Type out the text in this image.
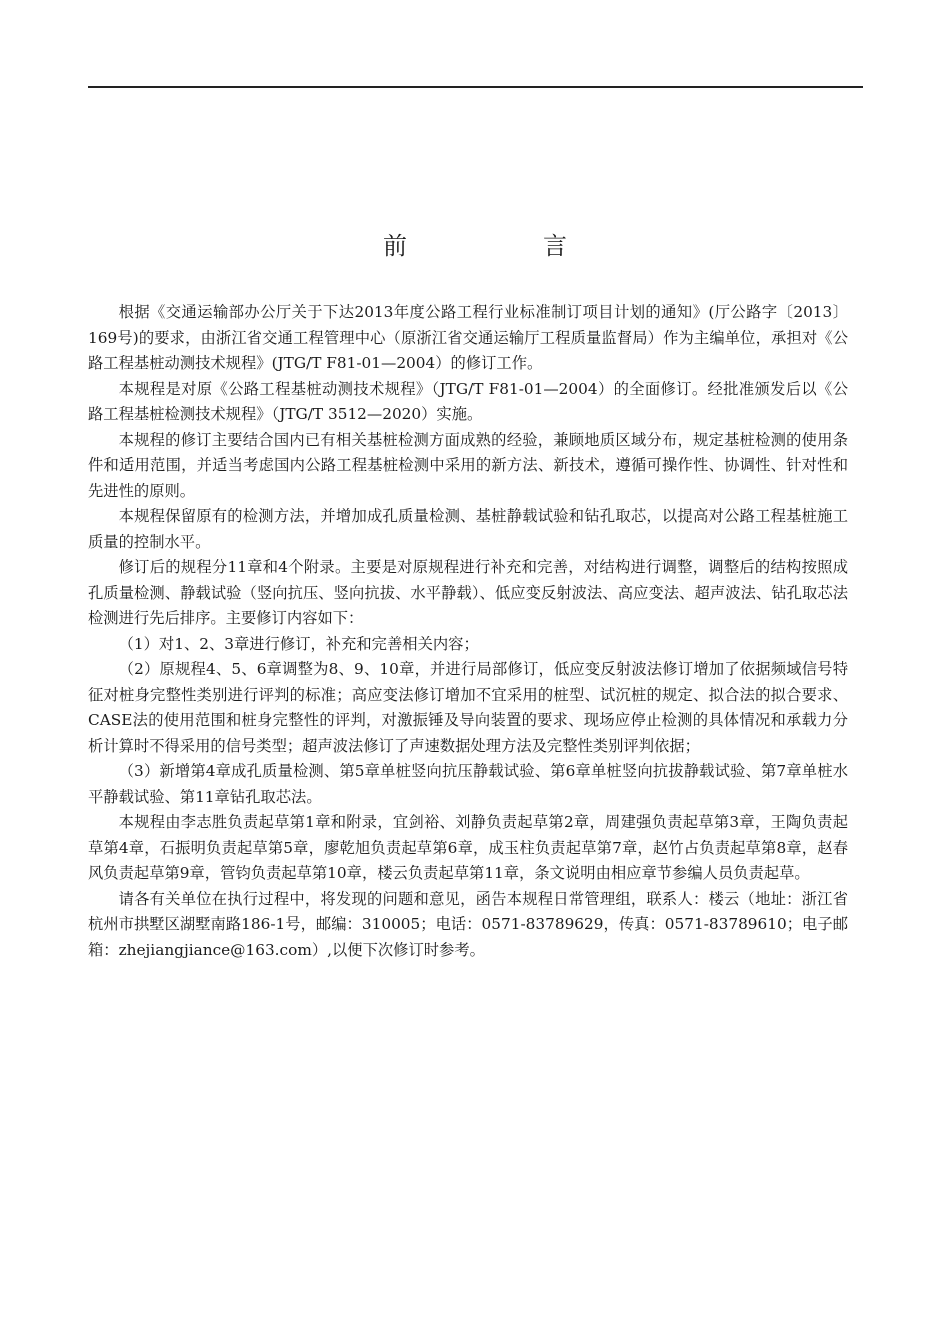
前　言

根据《交通运输部办公厅关于下达2013年度公路工程行业标准制订项目计划的通知》(厅公路字〔2013〕169号)的要求，由浙江省交通工程管理中心（原浙江省交通运输厅工程质量监督局）作为主编单位，承担对《公路工程基桩动测技术规程》(JTG/T F81-01—2004）的修订工作。

本规程是对原《公路工程基桩动测技术规程》（JTG/T F81-01—2004）的全面修订。经批准颁发后以《公路工程基桩检测技术规程》（JTG/T 3512—2020）实施。

本规程的修订主要结合国内已有相关基桩检测方面成熟的经验，兼顾地质区域分布，规定基桩检测的使用条件和适用范围，并适当考虑国内公路工程基桩检测中采用的新方法、新技术，遵循可操作性、协调性、针对性和先进性的原则。

本规程保留原有的检测方法，并增加成孔质量检测、基桩静载试验和钻孔取芯，以提高对公路工程基桩施工质量的控制水平。

修订后的规程分11章和4个附录。主要是对原规程进行补充和完善，对结构进行调整，调整后的结构按照成孔质量检测、静载试验（竖向抗压、竖向抗拔、水平静载）、低应变反射波法、高应变法、超声波法、钻孔取芯法检测进行先后排序。主要修订内容如下：

（1）对1、2、3章进行修订，补充和完善相关内容；

（2）原规程4、5、6章调整为8、9、10章，并进行局部修订，低应变反射波法修订增加了依据频域信号特征对桩身完整性类别进行评判的标准；高应变法修订增加不宜采用的桩型、试沉桩的规定、拟合法的拟合要求、CASE法的使用范围和桩身完整性的评判，对激振锤及导向装置的要求、现场应停止检测的具体情况和承载力分析计算时不得采用的信号类型；超声波法修订了声速数据处理方法及完整性类别评判依据；

（3）新增第4章成孔质量检测、第5章单桩竖向抗压静载试验、第6章单桩竖向抗拔静载试验、第7章单桩水平静载试验、第11章钻孔取芯法。

本规程由李志胜负责起草第1章和附录，宜剑裕、刘静负责起草第2章，周建强负责起草第3章，王陶负责起草第4章，石振明负责起草第5章，廖乾旭负责起草第6章，成玉柱负责起草第7章，赵竹占负责起草第8章，赵春风负责起草第9章，管钧负责起草第10章，楼云负责起草第11章，条文说明由相应章节参编人员负责起草。

请各有关单位在执行过程中，将发现的问题和意见，函告本规程日常管理组，联系人：楼云（地址：浙江省杭州市拱墅区湖墅南路186-1号，邮编：310005；电话：0571-83789629，传真：0571-83789610；电子邮箱：zhejiangjiance@163.com）,以便下次修订时参考。
